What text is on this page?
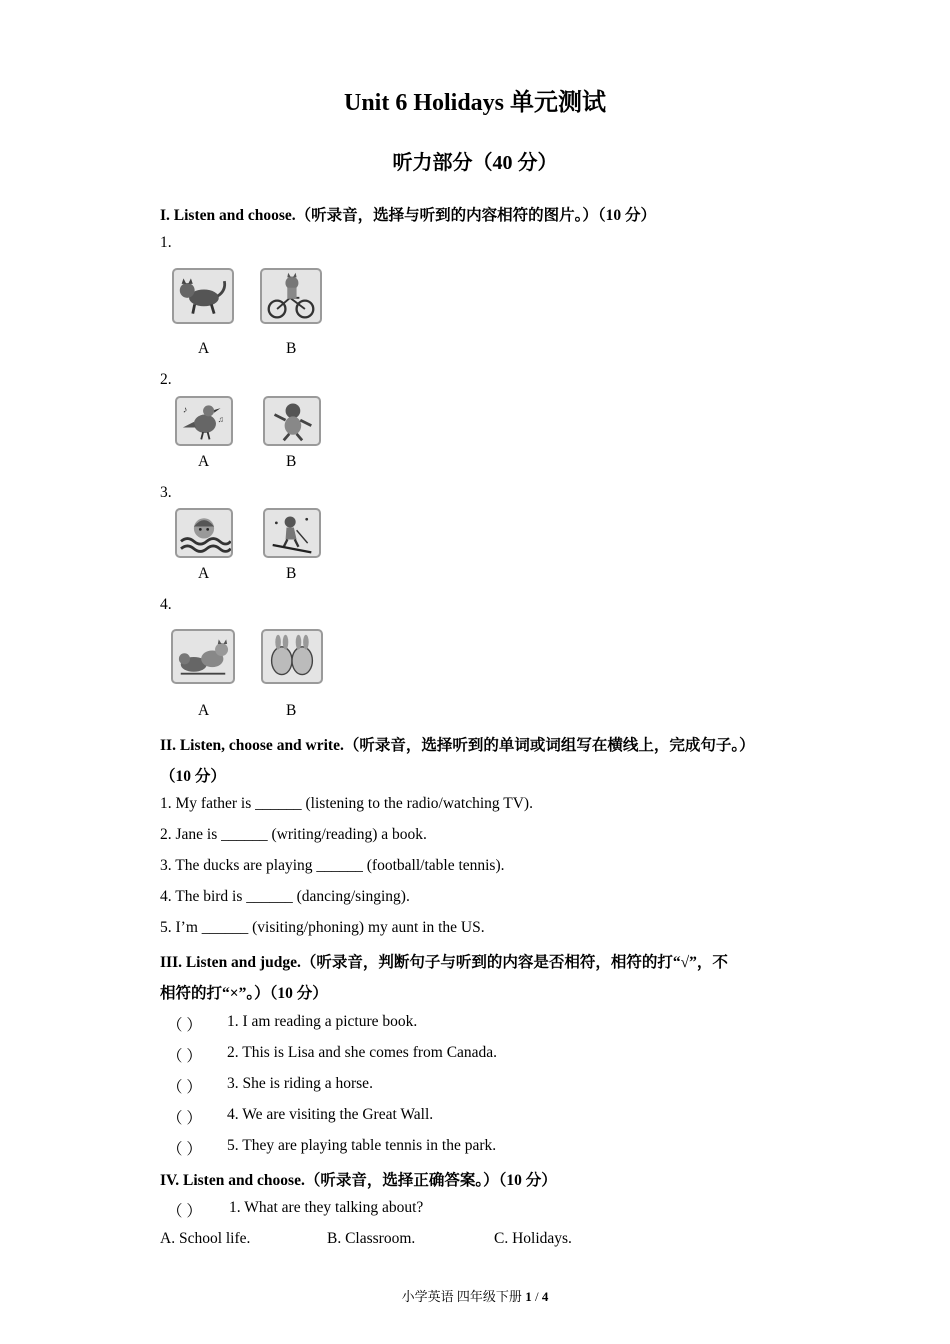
Unit 6 Holidays 单元测试
听力部分（40 分）
I. Listen and choose.（听录音，选择与听到的内容相符的图片。）（10 分）
1.
A	B
2.
♪
♫
A	B
3.
A	B
4.
A	B
II. Listen, choose and write.（听录音，选择听到的单词或词组写在横线上，完成句子。）
（10 分）
1. My father is ______ (listening to the radio/watching TV).
2. Jane is ______ (writing/reading) a book.
3. The ducks are playing ______ (football/table tennis).
4. The bird is ______ (dancing/singing).
5. I’m ______ (visiting/phoning) my aunt in the US.
III. Listen and judge.（听录音，判断句子与听到的内容是否相符，相符的打“√”，不
相符的打“×”。）（10 分）
（ ） 1. I am reading a picture book.
（ ） 2. This is Lisa and she comes from Canada.
（ ） 3. She is riding a horse.
（ ） 4. We are visiting the Great Wall.
（ ） 5. They are playing table tennis in the park.
IV. Listen and choose.（听录音，选择正确答案。）（10 分）
（ ） 1. What are they talking about?
A. School life.	B. Classroom.	C. Holidays.
小学英语 四年级下册 1 / 4
